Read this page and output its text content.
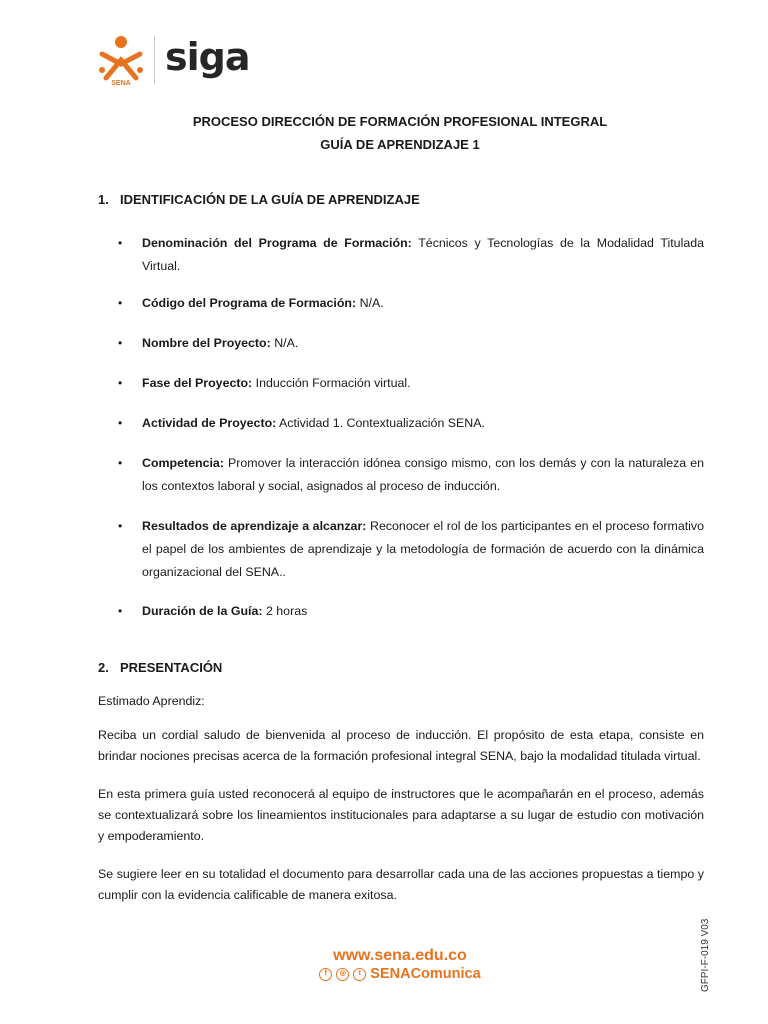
SENA
siga
PROCESO DIRECCIÓN DE FORMACIÓN PROFESIONAL INTEGRAL
GUÍA DE APRENDIZAJE 1
1. IDENTIFICACIÓN DE LA GUÍA DE APRENDIZAJE
• Denominación del Programa de Formación: Técnicos y Tecnologías de la Modalidad Titulada Virtual.
• Código del Programa de Formación: N/A.
• Nombre del Proyecto: N/A.
• Fase del Proyecto: Inducción Formación virtual.
• Actividad de Proyecto: Actividad 1. Contextualización SENA.
• Competencia: Promover la interacción idónea consigo mismo, con los demás y con la naturaleza en los contextos laboral y social, asignados al proceso de inducción.
• Resultados de aprendizaje a alcanzar: Reconocer el rol de los participantes en el proceso formativo el papel de los ambientes de aprendizaje y la metodología de formación de acuerdo con la dinámica organizacional del SENA..
• Duración de la Guía: 2 horas
2. PRESENTACIÓN

Estimado Aprendiz:

Reciba un cordial saludo de bienvenida al proceso de inducción. El propósito de esta etapa, consiste en brindar nociones precisas acerca de la formación profesional integral SENA, bajo la modalidad titulada virtual.

En esta primera guía usted reconocerá al equipo de instructores que le acompañarán en el proceso, además se contextualizará sobre los lineamientos institucionales para adaptarse a su lugar de estudio con motivación y empoderamiento.

Se sugiere leer en su totalidad el documento para desarrollar cada una de las acciones propuestas a tiempo y cumplir con la evidencia calificable de manera exitosa.

www.sena.edu.co
f	◎	t SENAComunica	GFPI-F-019 V03
